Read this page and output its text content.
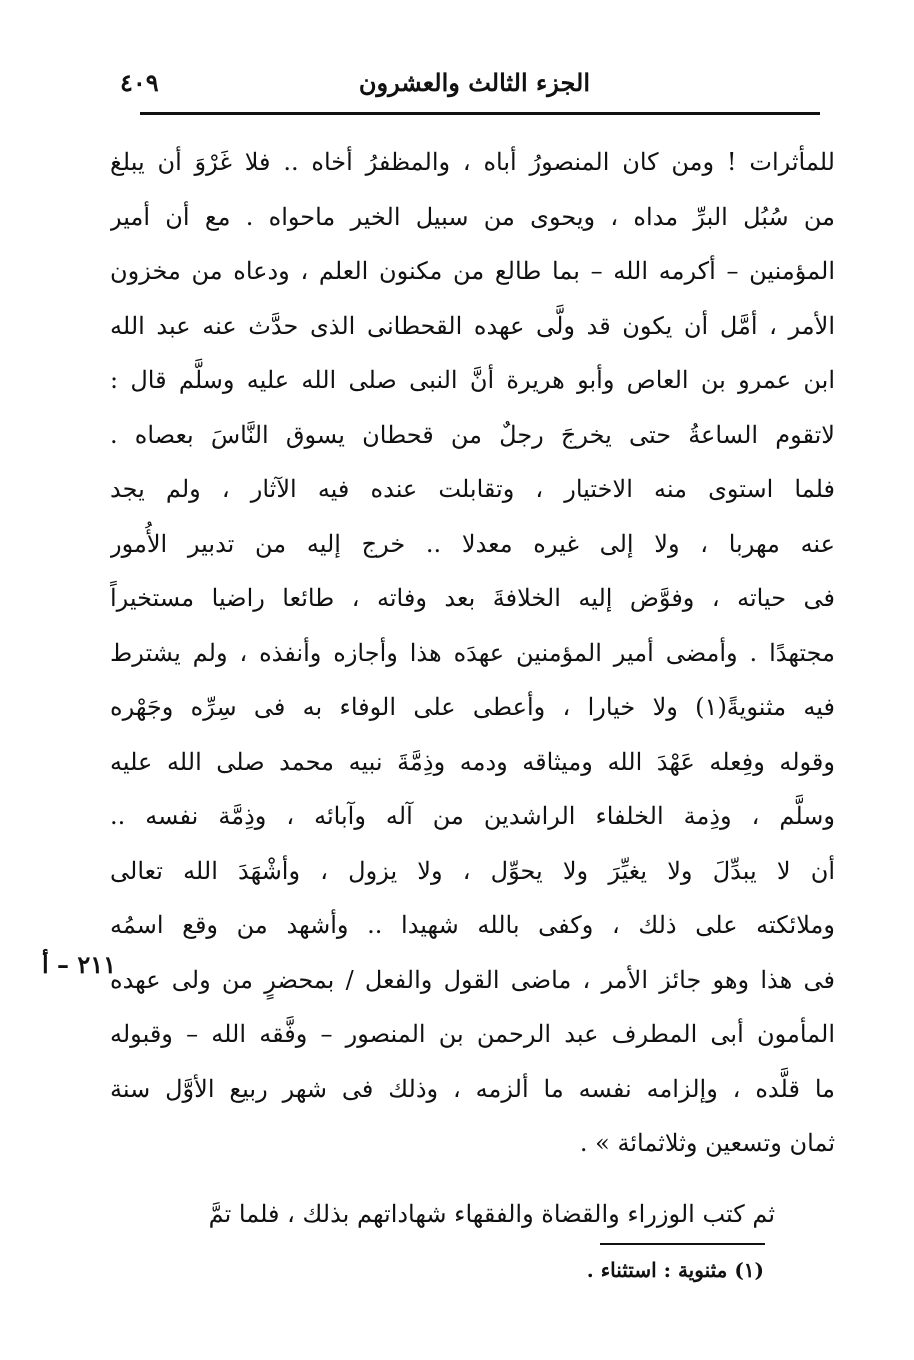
الجزء الثالث والعشرون
٤٠٩
للمأثرات ! ومن كان المنصورُ أباه ، والمظفرُ أخاه .. فلا غَرْوَ أن يبلغ
من سُبُل البرِّ مداه ، ويحوى من سبيل الخير ماحواه . مع أن أمير
المؤمنين – أكرمه الله – بما طالع من مكنون العلم ، ودعاه من مخزون
الأمر ، أمَّل أن يكون قد ولَّى عهده القحطانى الذى حدَّث عنه عبد الله
ابن عمرو بن العاص وأبو هريرة أنَّ النبى صلى الله عليه وسلَّم قال :
لاتقوم الساعةُ حتى يخرجَ رجلٌ من قحطان يسوق النَّاسَ بعصاه .
فلما استوى منه الاختيار ، وتقابلت عنده فيه الآثار ، ولم يجد
عنه مهربا ، ولا إلى غيره معدلا .. خرج إليه من تدبير الأُمور
فى حياته ، وفوَّض إليه الخلافةَ بعد وفاته ، طائعا راضيا مستخيراً
مجتهدًا . وأمضى أمير المؤمنين عهدَه هذا وأجازه وأنفذه ، ولم يشترط
فيه مثنويةً(١) ولا خيارا ، وأعطى على الوفاء به فى سِرِّه وجَهْره
وقوله وفِعله عَهْدَ الله وميثاقه ودمه وذِمَّةَ نبيه محمد صلى الله عليه
وسلَّم ، وذِمة الخلفاء الراشدين من آله وآبائه ، وذِمَّة نفسه ..
أن لا يبدِّلَ ولا يغيِّرَ ولا يحوِّل ، ولا يزول ، وأشْهَدَ الله تعالى
وملائكته على ذلك ، وكفى بالله شهيدا .. وأشهد من وقع اسمُه
فى هذا وهو جائز الأمر ، ماضى القول والفعل / بمحضرٍ من ولى عهده
المأمون أبى المطرف عبد الرحمن بن المنصور – وفَّقه الله – وقبوله
ما قلَّده ، وإلزامه نفسه ما ألزمه ، وذلك فى شهر ربيع الأوَّل سنة
ثمان وتسعين وثلاثمائة » .
ثم كتب الوزراء والقضاة والفقهاء شهاداتهم بذلك ، فلما تمَّ
٢١١ – أ
(١) مثنوية : استثناء .
